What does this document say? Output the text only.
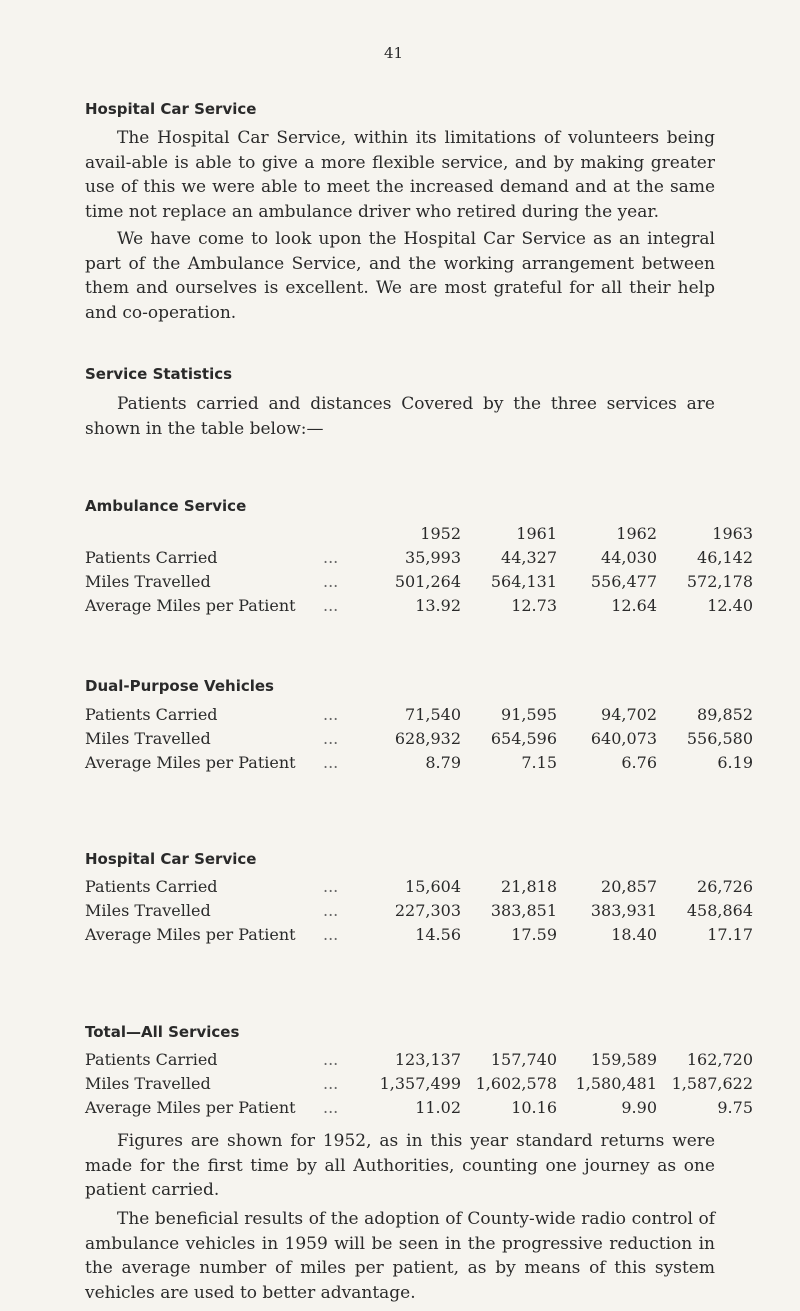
41
Hospital Car Service

The Hospital Car Service, within its limitations of volunteers being avail-able is able to give a more flexible service, and by making greater use of this we were able to meet the increased demand and at the same time not replace an ambulance driver who retired during the year.

We have come to look upon the Hospital Car Service as an integral part of the Ambulance Service, and the working arrangement between them and ourselves is excellent. We are most grateful for all their help and co-operation.

Service Statistics

Patients carried and distances Covered by the three services are shown in the table below:—

Ambulance Service
		1952	1961	1962	1963
Patients Carried	...	35,993	44,327	44,030	46,142
Miles Travelled	...	501,264	564,131	556,477	572,178
Average Miles per Patient	...	13.92	12.73	12.64	12.40
Dual-Purpose Vehicles
Patients Carried	...	71,540	91,595	94,702	89,852
Miles Travelled	...	628,932	654,596	640,073	556,580
Average Miles per Patient	...	8.79	7.15	6.76	6.19
Hospital Car Service
Patients Carried	...	15,604	21,818	20,857	26,726
Miles Travelled	...	227,303	383,851	383,931	458,864
Average Miles per Patient	...	14.56	17.59	18.40	17.17
Total—All Services
Patients Carried	...	123,137	157,740	159,589	162,720
Miles Travelled	...	1,357,499	1,602,578	1,580,481	1,587,622
Average Miles per Patient	...	11.02	10.16	9.90	9.75

Figures are shown for 1952, as in this year standard returns were made for the first time by all Authorities, counting one journey as one patient carried.

The beneficial results of the adoption of County-wide radio control of ambulance vehicles in 1959 will be seen in the progressive reduction in the average number of miles per patient, as by means of this system vehicles are used to better advantage.
